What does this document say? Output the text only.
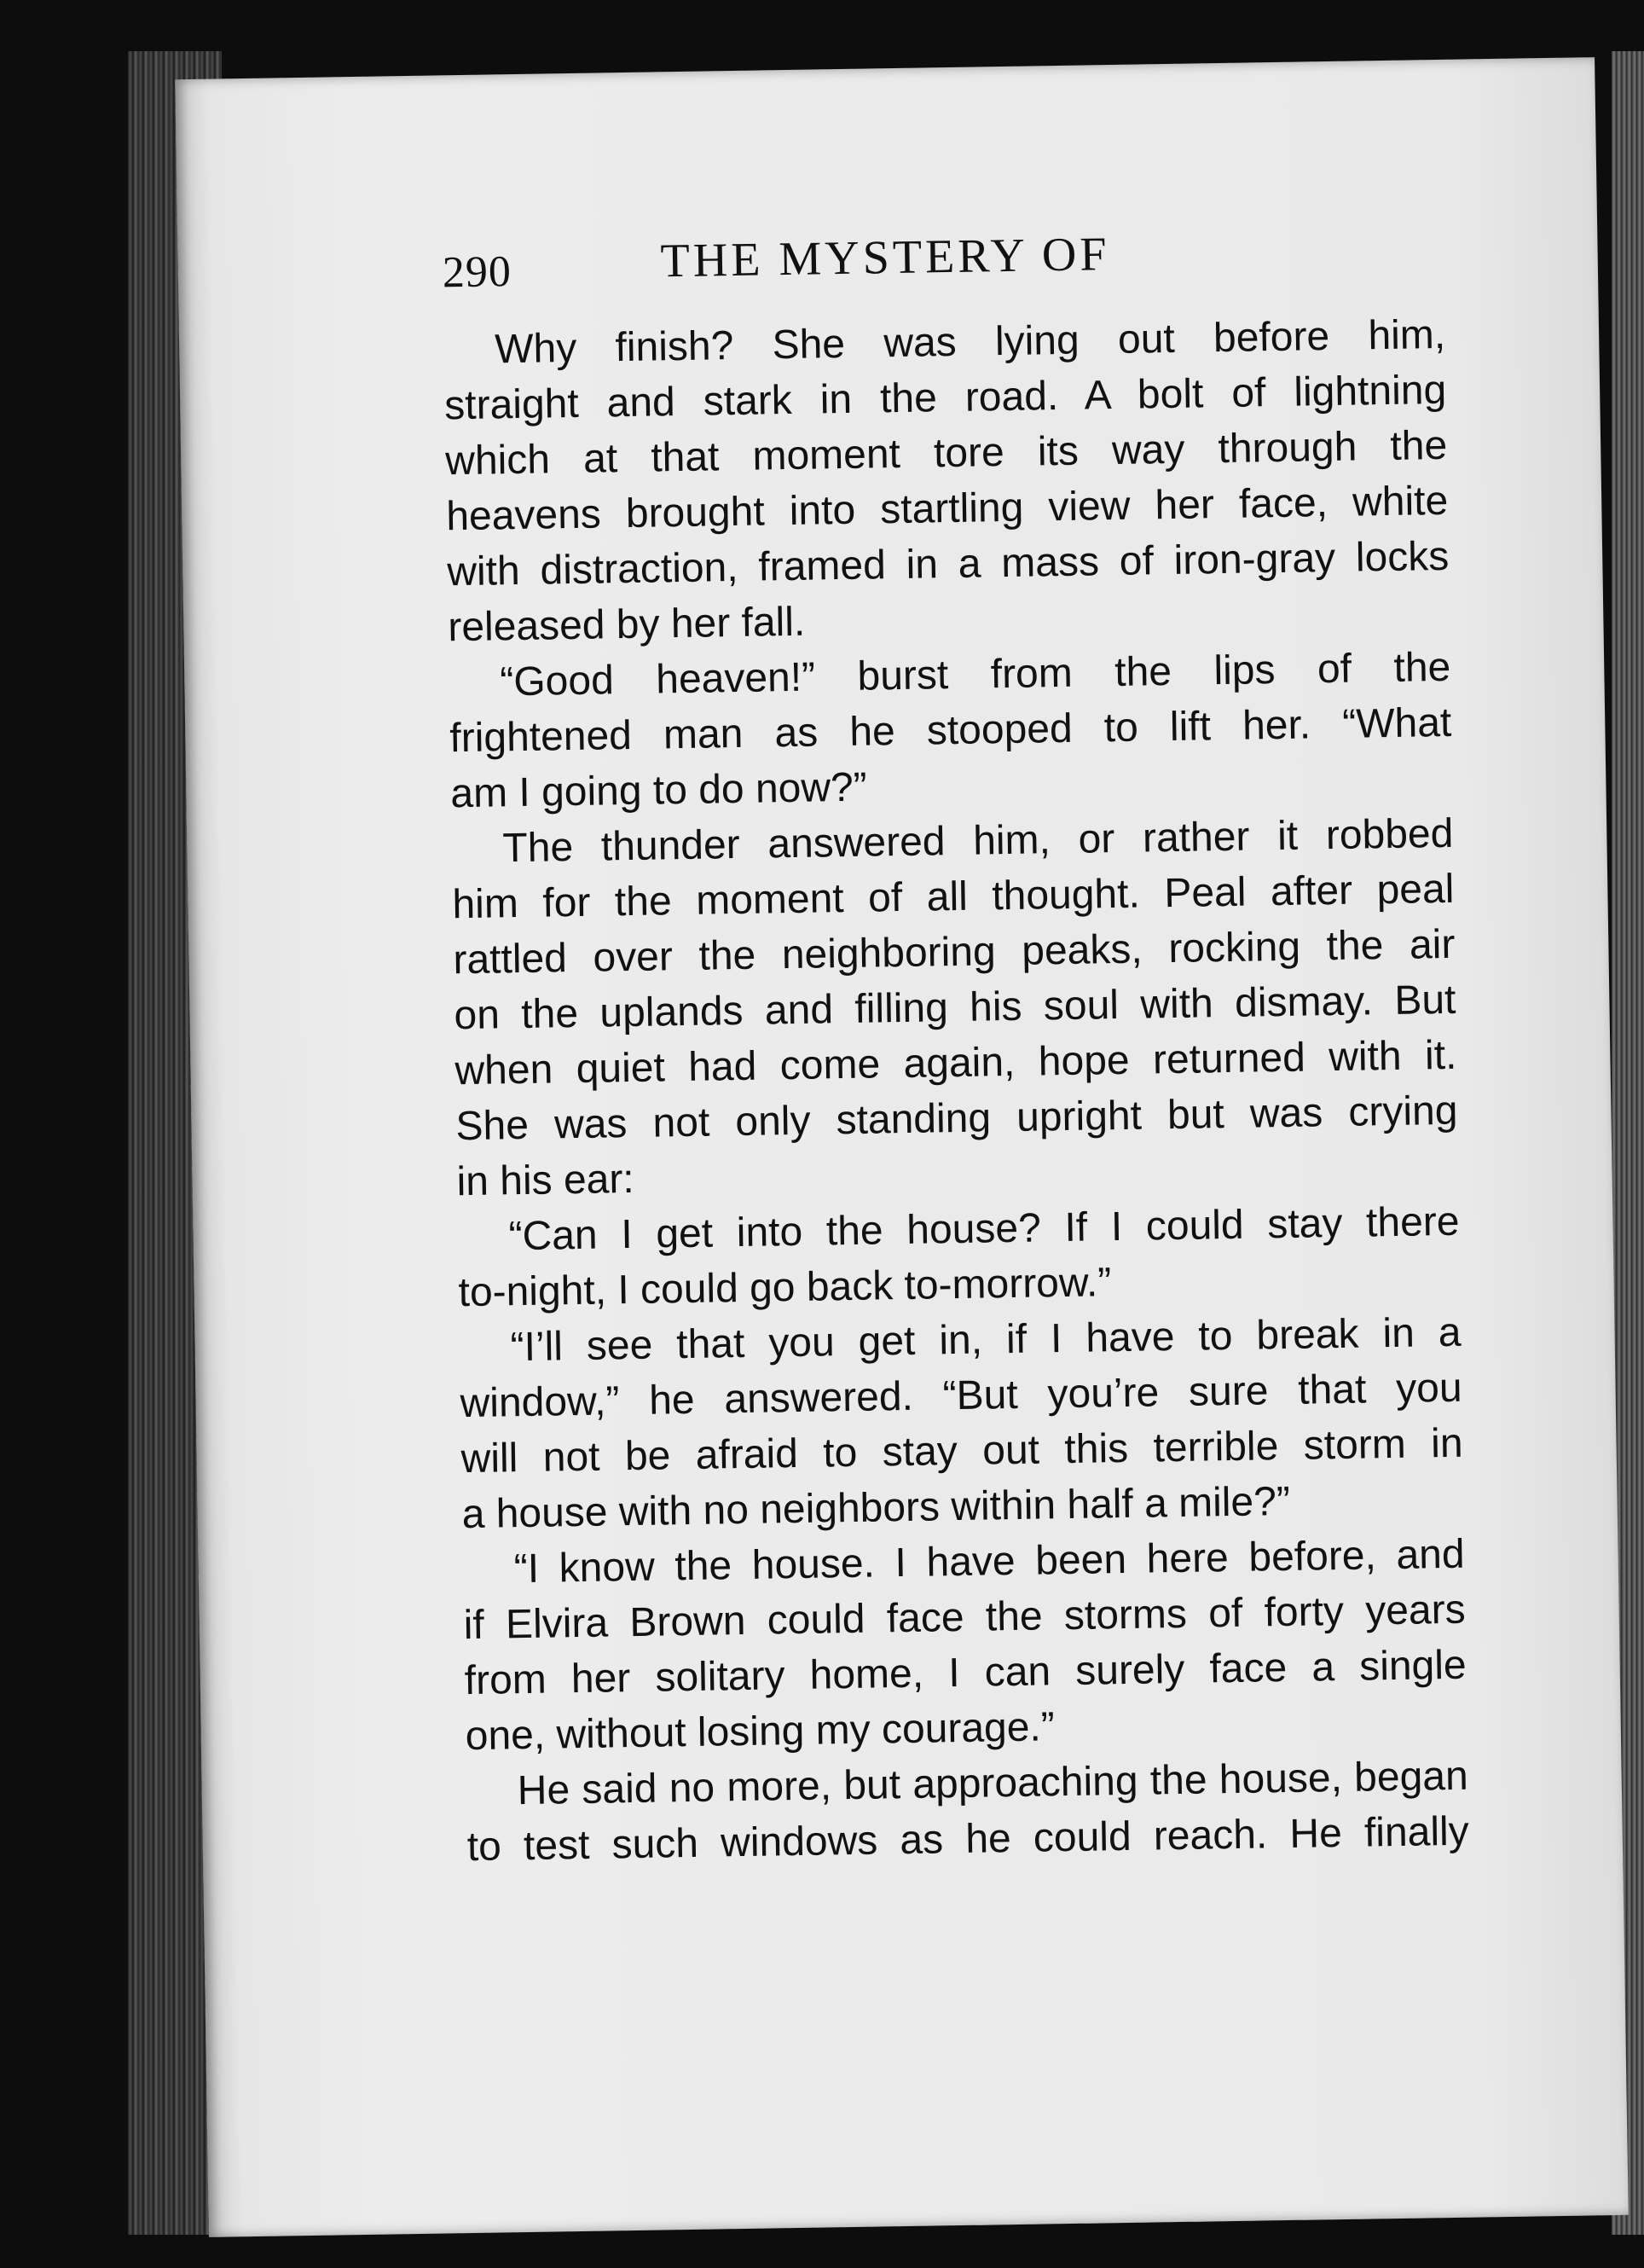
290	THE MYSTERY OF
Why finish? She was lying out before him,
straight and stark in the road. A bolt of lightning
which at that moment tore its way through the
heavens brought into startling view her face, white
with distraction, framed in a mass of iron-gray locks
released by her fall.
“Good heaven!” burst from the lips of the
frightened man as he stooped to lift her. “What
am I going to do now?”
The thunder answered him, or rather it robbed
him for the moment of all thought. Peal after peal
rattled over the neighboring peaks, rocking the air
on the uplands and filling his soul with dismay. But
when quiet had come again, hope returned with it.
She was not only standing upright but was crying
in his ear:
“Can I get into the house? If I could stay there
to-night, I could go back to-morrow.”
“I’ll see that you get in, if I have to break in a
window,” he answered. “But you’re sure that you
will not be afraid to stay out this terrible storm in
a house with no neighbors within half a mile?”
“I know the house. I have been here before, and
if Elvira Brown could face the storms of forty years
from her solitary home, I can surely face a single
one, without losing my courage.”
He said no more, but approaching the house, began
to test such windows as he could reach. He finally
